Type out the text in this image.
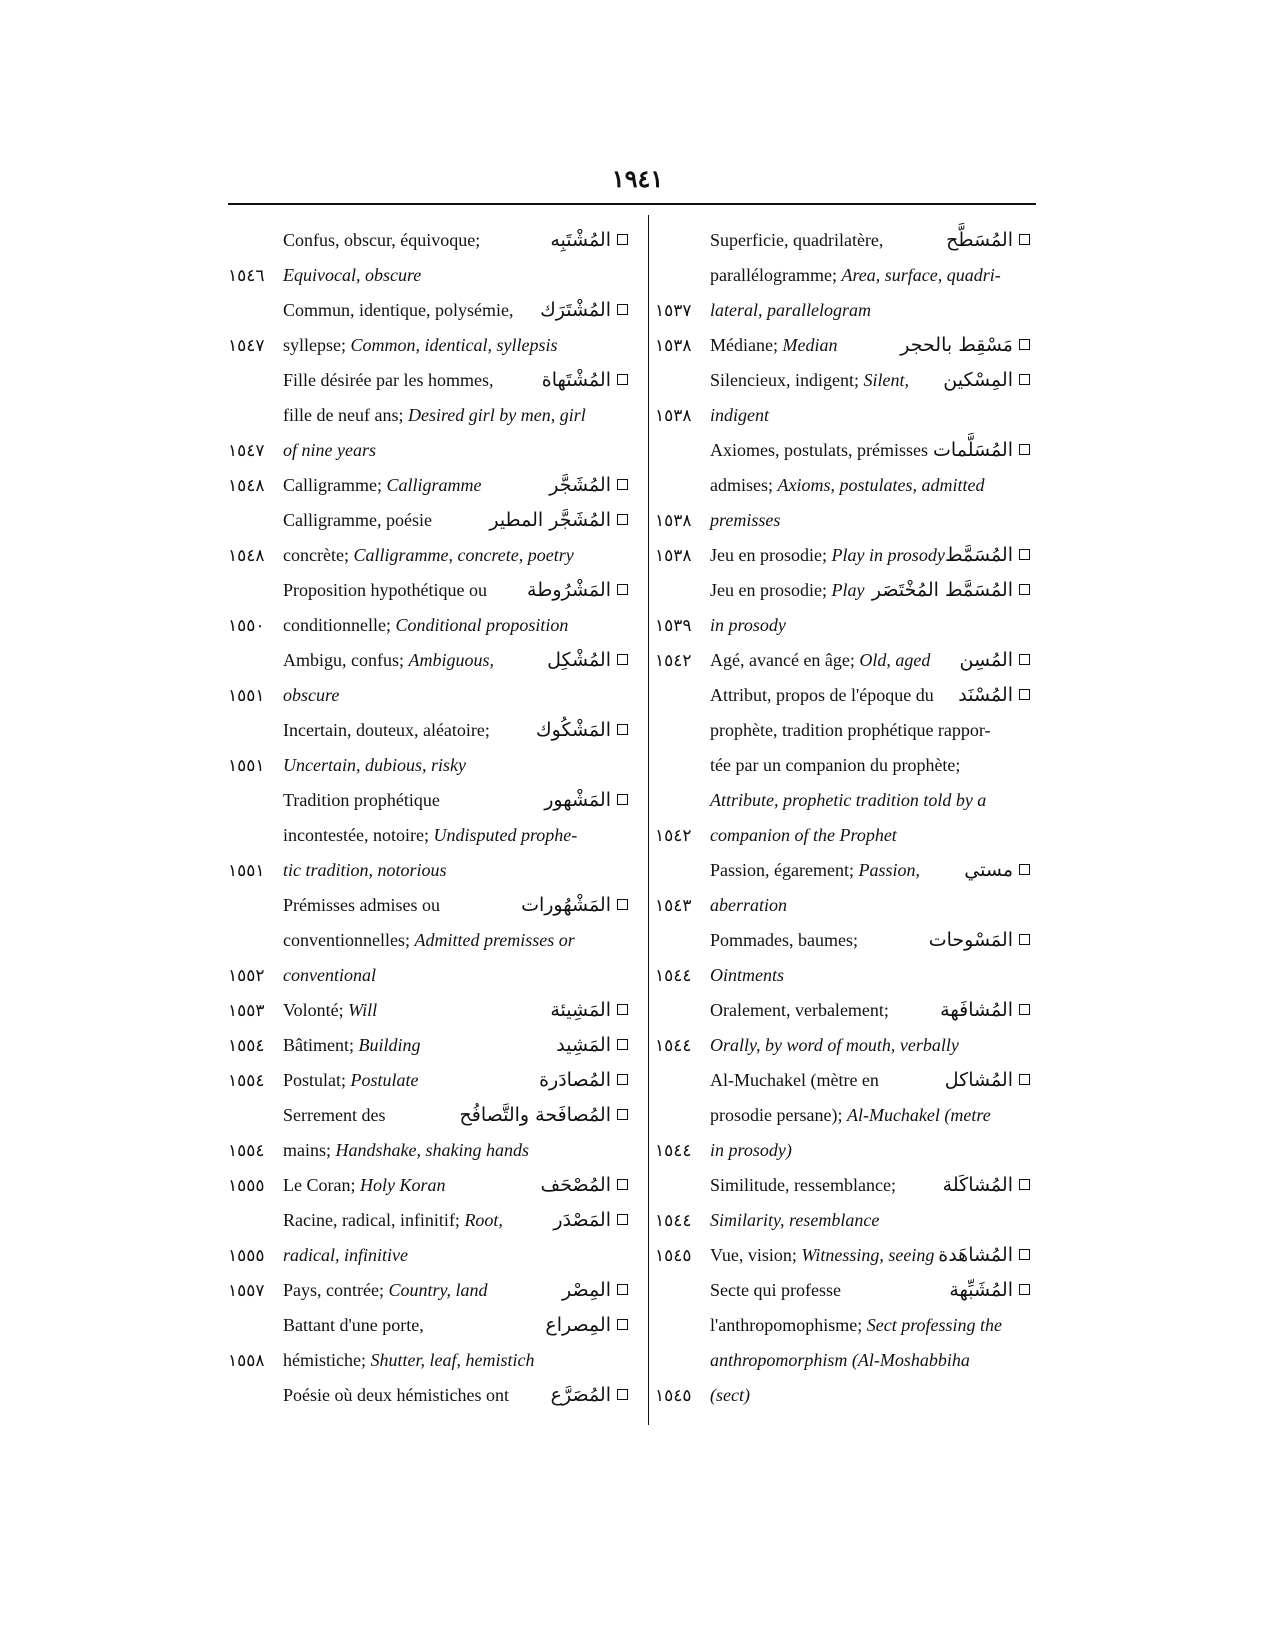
١٩٤١
Confus, obscur, équivoque;	المُشْتَبِه
١٥٤٦ Equivocal, obscure
Commun, identique, polysémie, المُشْتَرَك
١٥٤٧ syllepse; Common, identical, syllepsis
Fille désirée par les hommes,	المُشْتَهاة
fille de neuf ans; Desired girl by men, girl
١٥٤٧ of nine years
١٥٤٨ Calligramme; Calligramme	المُشَجَّر
Calligramme, poésie	المُشَجَّر المطير
١٥٤٨ concrète; Calligramme, concrete, poetry
Proposition hypothétique ou المَشْرُوطة
١٥٥٠ conditionnelle; Conditional proposition
Ambigu, confus; Ambiguous,	المُشْكِل
١٥٥١ obscure
Incertain, douteux, aléatoire; المَشْكُوك
١٥٥١ Uncertain, dubious, risky
Tradition prophétique	المَشْهور
incontestée, notoire; Undisputed prophe-
١٥٥١ tic tradition, notorious
Prémisses admises ou	المَشْهُورات
conventionnelles; Admitted premisses or
١٥٥٢ conventional
١٥٥٣ Volonté; Will	المَشِيئة
١٥٥٤ Bâtiment; Building	المَشِيد
١٥٥٤ Postulat; Postulate	المُصادَرة
Serrement des	المُصافَحة والتَّصافُح
١٥٥٤ mains; Handshake, shaking hands
١٥٥٥ Le Coran; Holy Koran	المُصْحَف
Racine, radical, infinitif; Root,	المَصْدَر
١٥٥٥ radical, infinitive
١٥٥٧ Pays, contrée; Country, land	المِصْر
Battant d'une porte,	المِصراع
١٥٥٨ hémistiche; Shutter, leaf, hemistich
Poésie où deux hémistiches ont المُصَرَّع
Superficie, quadrilatère,	المُسَطَّح
parallélogramme; Area, surface, quadri-
١٥٣٧ lateral, parallelogram
١٥٣٨ Médiane; Median	مَسْقِط بالحجر
Silencieux, indigent; Silent, المِسْكين
١٥٣٨ indigent
Axiomes, postulats, prémisses المُسَلَّمات
admises; Axioms, postulates, admitted
١٥٣٨ premisses
١٥٣٨ Jeu en prosodie; Play in prosody المُسَمَّط
Jeu en prosodie; Play المُسَمَّط المُخْتَصَر
١٥٣٩ in prosody
١٥٤٢ Agé, avancé en âge; Old, aged المُسِن
Attribut, propos de l'époque du المُسْنَد
prophète, tradition prophétique rappor-
tée par un companion du prophète;
Attribute, prophetic tradition told by a
١٥٤٢ companion of the Prophet
Passion, égarement; Passion, مستي
١٥٤٣ aberration
Pommades, baumes;	المَسْوحات
١٥٤٤ Ointments
Oralement, verbalement;	المُشافَهة
١٥٤٤ Orally, by word of mouth, verbally
Al-Muchakel (mètre en	المُشاكل
prosodie persane); Al-Muchakel (metre
١٥٤٤ in prosody)
Similitude, ressemblance; المُشاكَلة
١٥٤٤ Similarity, resemblance
١٥٤٥ Vue, vision; Witnessing, seeing المُشاهَدة
Secte qui professe	المُشَبِّهة
l'anthropomophisme; Sect professing the
anthropomorphism (Al-Moshabbiha
١٥٤٥ (sect)
